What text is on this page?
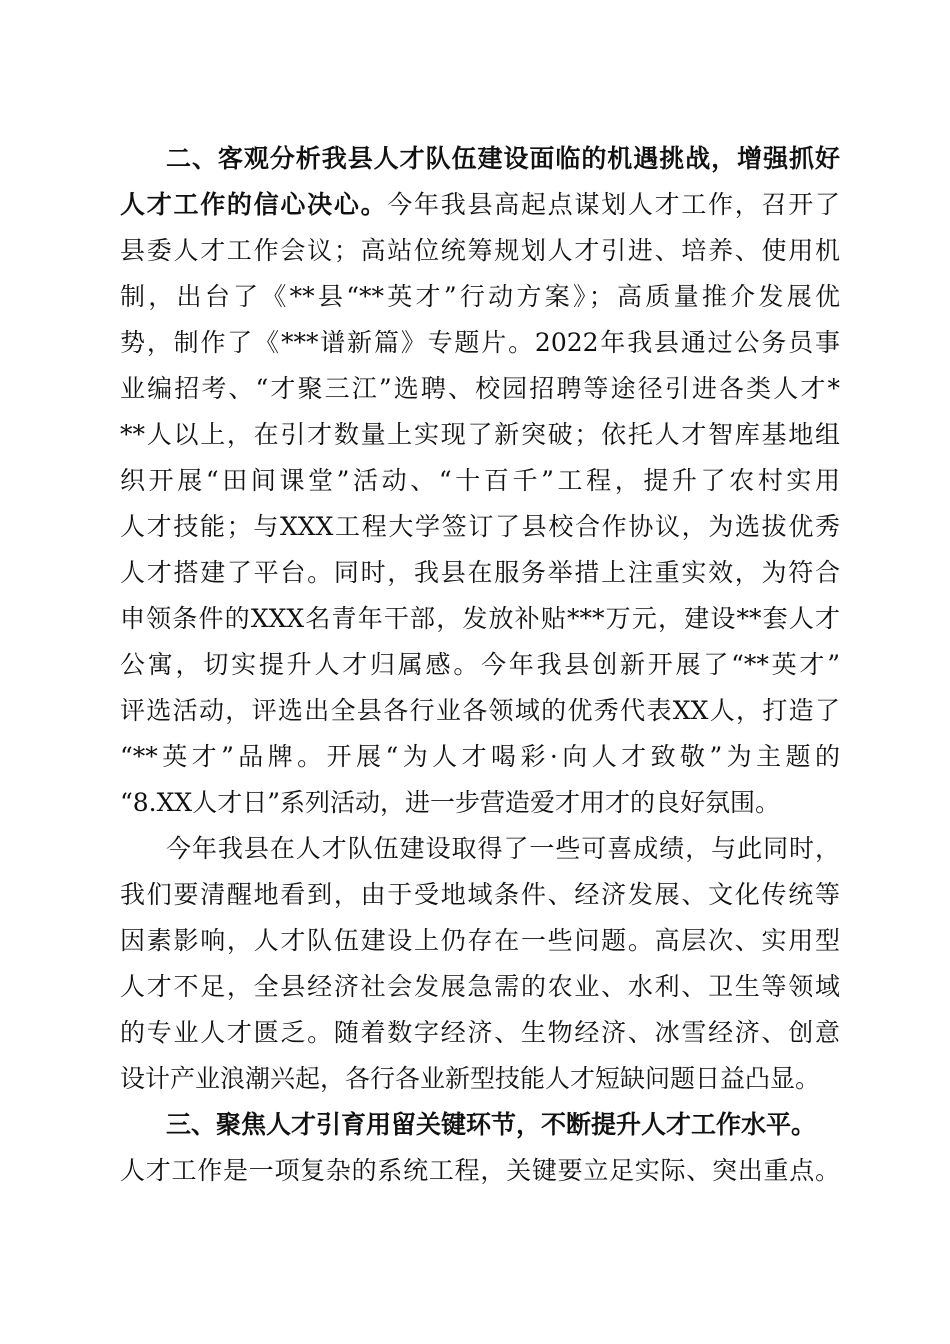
二、客观分析我县人才队伍建设面临的机遇挑战，增强抓好
人才工作的信心决心。今年我县高起点谋划人才工作，召开了
县委人才工作会议；高站位统筹规划人才引进、培养、使用机
制，出台了《**县“**英才”行动方案》；高质量推介发展优
势，制作了《***谱新篇》专题片。2022年我县通过公务员事
业编招考、“才聚三江”选聘、校园招聘等途径引进各类人才*
**人以上，在引才数量上实现了新突破；依托人才智库基地组
织开展“田间课堂”活动、“十百千”工程，提升了农村实用
人才技能；与XXX工程大学签订了县校合作协议，为选拔优秀
人才搭建了平台。同时，我县在服务举措上注重实效，为符合
申领条件的XXX名青年干部，发放补贴***万元，建设**套人才
公寓，切实提升人才归属感。今年我县创新开展了“**英才”
评选活动，评选出全县各行业各领域的优秀代表XX人，打造了
“**英才”品牌。开展“为人才喝彩·向人才致敬”为主题的
“8.XX人才日”系列活动，进一步营造爱才用才的良好氛围。
今年我县在人才队伍建设取得了一些可喜成绩，与此同时，
我们要清醒地看到，由于受地域条件、经济发展、文化传统等
因素影响，人才队伍建设上仍存在一些问题。高层次、实用型
人才不足，全县经济社会发展急需的农业、水利、卫生等领域
的专业人才匮乏。随着数字经济、生物经济、冰雪经济、创意
设计产业浪潮兴起，各行各业新型技能人才短缺问题日益凸显。
三、聚焦人才引育用留关键环节，不断提升人才工作水平。
人才工作是一项复杂的系统工程，关键要立足实际、突出重点。
